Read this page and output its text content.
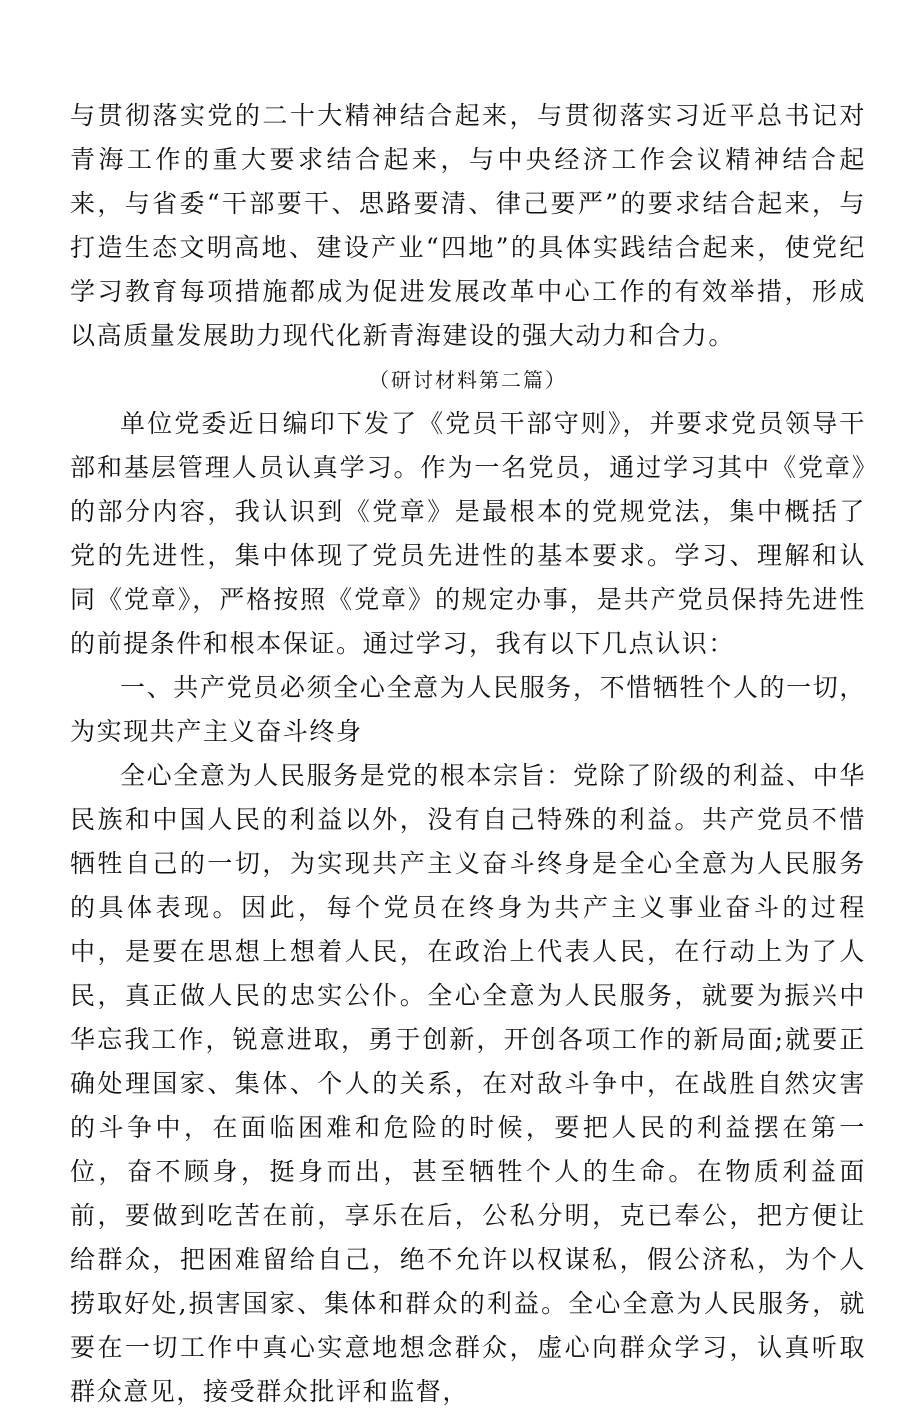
与贯彻落实党的二十大精神结合起来，与贯彻落实习近平总书记对青海工作的重大要求结合起来，与中央经济工作会议精神结合起来，与省委“干部要干、思路要清、律己要严”的要求结合起来，与打造生态文明高地、建设产业“四地”的具体实践结合起来，使党纪学习教育每项措施都成为促进发展改革中心工作的有效举措，形成以高质量发展助力现代化新青海建设的强大动力和合力。

（研讨材料第二篇）

单位党委近日编印下发了《党员干部守则》，并要求党员领导干部和基层管理人员认真学习。作为一名党员，通过学习其中《党章》的部分内容，我认识到《党章》是最根本的党规党法，集中概括了党的先进性，集中体现了党员先进性的基本要求。学习、理解和认同《党章》，严格按照《党章》的规定办事，是共产党员保持先进性的前提条件和根本保证。通过学习，我有以下几点认识：

一、共产党员必须全心全意为人民服务，不惜牺牲个人的一切，为实现共产主义奋斗终身

全心全意为人民服务是党的根本宗旨：党除了阶级的利益、中华民族和中国人民的利益以外，没有自己特殊的利益。共产党员不惜牺牲自己的一切，为实现共产主义奋斗终身是全心全意为人民服务的具体表现。因此，每个党员在终身为共产主义事业奋斗的过程中，是要在思想上想着人民，在政治上代表人民，在行动上为了人民，真正做人民的忠实公仆。全心全意为人民服务，就要为振兴中华忘我工作，锐意进取，勇于创新，开创各项工作的新局面;就要正确处理国家、集体、个人的关系，在对敌斗争中，在战胜自然灾害的斗争中，在面临困难和危险的时候，要把人民的利益摆在第一位，奋不顾身，挺身而出，甚至牺牲个人的生命。在物质利益面前，要做到吃苦在前，享乐在后，公私分明，克已奉公，把方便让给群众，把困难留给自己，绝不允许以权谋私，假公济私，为个人捞取好处,损害国家、集体和群众的利益。全心全意为人民服务，就要在一切工作中真心实意地想念群众，虚心向群众学习，认真听取群众意见，接受群众批评和监督，
